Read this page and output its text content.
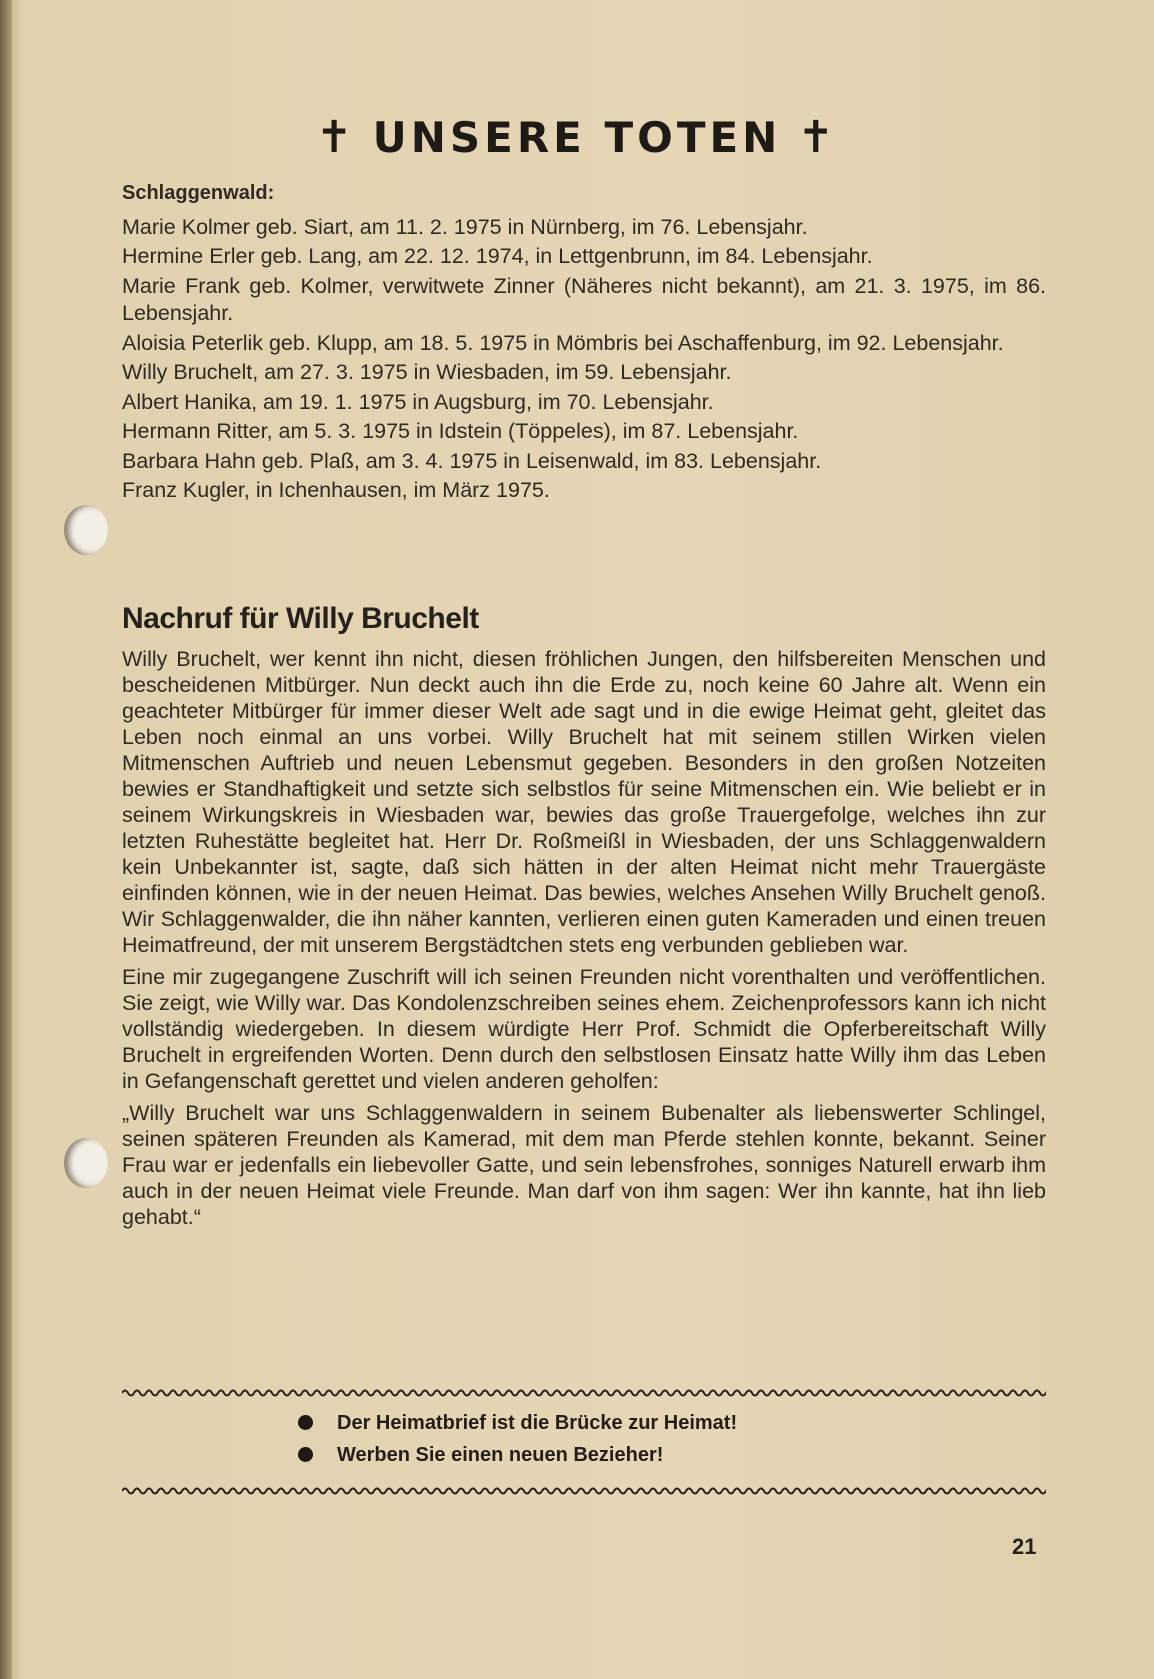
✝ UNSERE TOTEN ✝
Schlaggenwald:

Marie Kolmer geb. Siart, am 11. 2. 1975 in Nürnberg, im 76. Lebensjahr.

Hermine Erler geb. Lang, am 22. 12. 1974, in Lettgenbrunn, im 84. Lebensjahr.

Marie Frank geb. Kolmer, verwitwete Zinner (Näheres nicht bekannt), am 21. 3. 1975, im 86. Lebensjahr.

Aloisia Peterlik geb. Klupp, am 18. 5. 1975 in Mömbris bei Aschaffenburg, im 92. Lebensjahr.

Willy Bruchelt, am 27. 3. 1975 in Wiesbaden, im 59. Lebensjahr.

Albert Hanika, am 19. 1. 1975 in Augsburg, im 70. Lebensjahr.

Hermann Ritter, am 5. 3. 1975 in Idstein (Töppeles), im 87. Lebensjahr.

Barbara Hahn geb. Plaß, am 3. 4. 1975 in Leisenwald, im 83. Lebensjahr.

Franz Kugler, in Ichenhausen, im März 1975.

Nachruf für Willy Bruchelt

Willy Bruchelt, wer kennt ihn nicht, diesen fröhlichen Jungen, den hilfsbereiten Menschen und bescheidenen Mitbürger. Nun deckt auch ihn die Erde zu, noch keine 60 Jahre alt. Wenn ein geachteter Mitbürger für immer dieser Welt ade sagt und in die ewige Heimat geht, gleitet das Leben noch einmal an uns vorbei. Willy Bruchelt hat mit seinem stillen Wirken vielen Mitmenschen Auftrieb und neuen Lebensmut gegeben. Besonders in den großen Notzeiten bewies er Standhaftigkeit und setzte sich selbstlos für seine Mitmenschen ein. Wie beliebt er in seinem Wirkungskreis in Wiesbaden war, bewies das große Trauergefolge, welches ihn zur letzten Ruhestätte begleitet hat. Herr Dr. Roßmeißl in Wiesbaden, der uns Schlaggenwaldern kein Unbekannter ist, sagte, daß sich hätten in der alten Heimat nicht mehr Trauergäste einfinden können, wie in der neuen Heimat. Das bewies, welches Ansehen Willy Bruchelt genoß. Wir Schlaggenwalder, die ihn näher kannten, verlieren einen guten Kameraden und einen treuen Heimatfreund, der mit unserem Bergstädtchen stets eng verbunden geblieben war.

Eine mir zugegangene Zuschrift will ich seinen Freunden nicht vorenthalten und veröffentlichen. Sie zeigt, wie Willy war. Das Kondolenzschreiben seines ehem. Zeichenprofessors kann ich nicht vollständig wiedergeben. In diesem würdigte Herr Prof. Schmidt die Opferbereitschaft Willy Bruchelt in ergreifenden Worten. Denn durch den selbstlosen Einsatz hatte Willy ihm das Leben in Gefangenschaft gerettet und vielen anderen geholfen:

„Willy Bruchelt war uns Schlaggenwaldern in seinem Bubenalter als liebenswerter Schlingel, seinen späteren Freunden als Kamerad, mit dem man Pferde stehlen konnte, bekannt. Seiner Frau war er jedenfalls ein liebevoller Gatte, und sein lebensfrohes, sonniges Naturell erwarb ihm auch in der neuen Heimat viele Freunde. Man darf von ihm sagen: Wer ihn kannte, hat ihn lieb gehabt.“

Der Heimatbrief ist die Brücke zur Heimat!
Werben Sie einen neuen Bezieher!
21
